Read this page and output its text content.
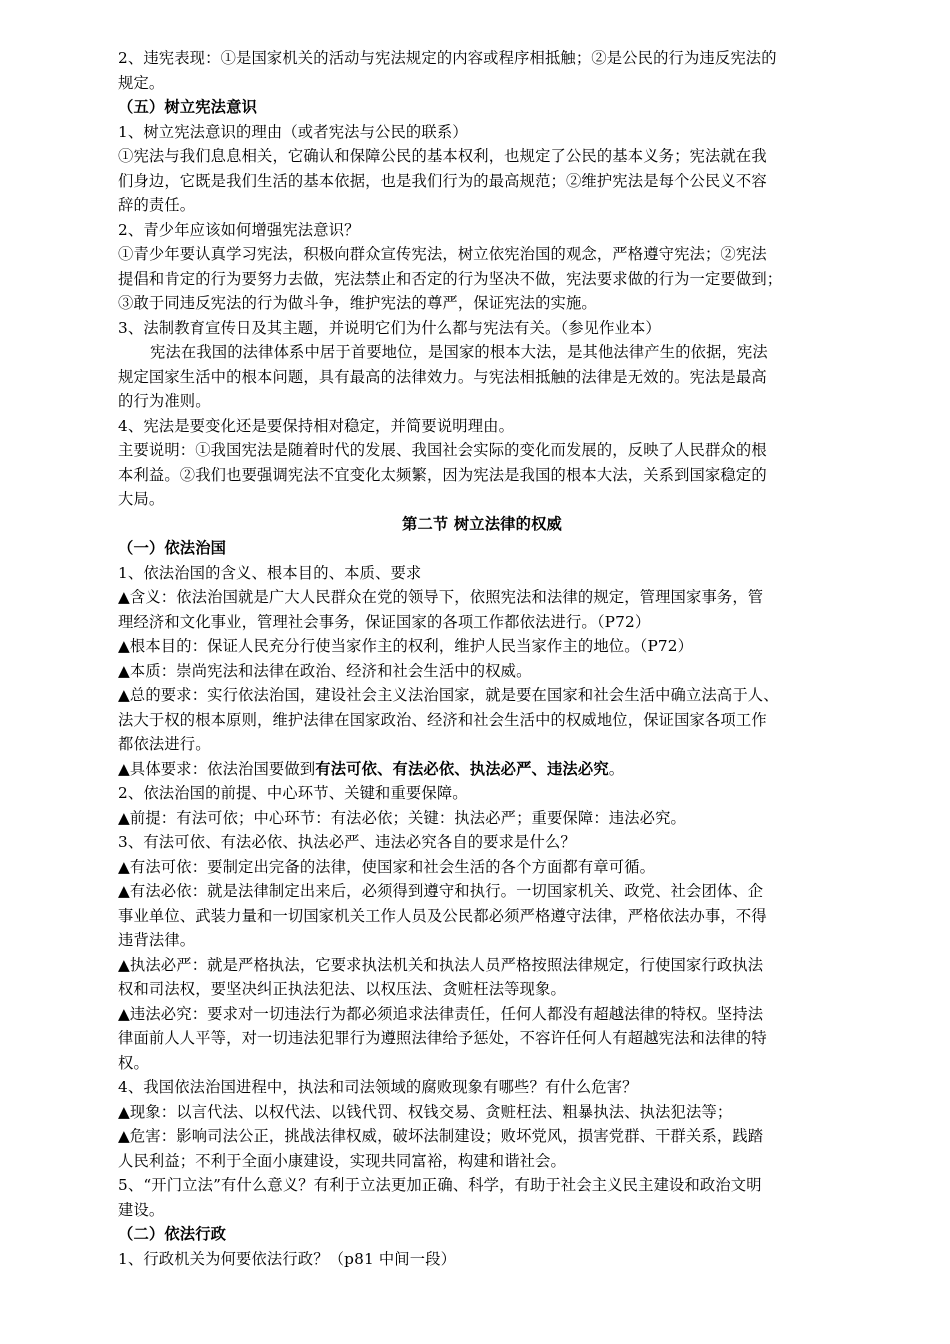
2、违宪表现：①是国家机关的活动与宪法规定的内容或程序相抵触；②是公民的行为违反宪法的
规定。
（五）树立宪法意识
1、树立宪法意识的理由（或者宪法与公民的联系）
①宪法与我们息息相关，它确认和保障公民的基本权利，也规定了公民的基本义务；宪法就在我
们身边，它既是我们生活的基本依据，也是我们行为的最高规范；②维护宪法是每个公民义不容
辞的责任。
2、青少年应该如何增强宪法意识？
①青少年要认真学习宪法，积极向群众宣传宪法，树立依宪治国的观念，严格遵守宪法；②宪法
提倡和肯定的行为要努力去做，宪法禁止和否定的行为坚决不做，宪法要求做的行为一定要做到；
③敢于同违反宪法的行为做斗争，维护宪法的尊严，保证宪法的实施。
3、法制教育宣传日及其主题，并说明它们为什么都与宪法有关。（参见作业本）
宪法在我国的法律体系中居于首要地位，是国家的根本大法，是其他法律产生的依据，宪法
规定国家生活中的根本问题，具有最高的法律效力。与宪法相抵触的法律是无效的。宪法是最高
的行为准则。
4、宪法是要变化还是要保持相对稳定，并简要说明理由。
主要说明：①我国宪法是随着时代的发展、我国社会实际的变化而发展的，反映了人民群众的根
本利益。②我们也要强调宪法不宜变化太频繁，因为宪法是我国的根本大法，关系到国家稳定的
大局。
第二节 树立法律的权威
（一）依法治国
1、依法治国的含义、根本目的、本质、要求
▲含义：依法治国就是广大人民群众在党的领导下，依照宪法和法律的规定，管理国家事务，管
理经济和文化事业，管理社会事务，保证国家的各项工作都依法进行。（P72）
▲根本目的：保证人民充分行使当家作主的权利，维护人民当家作主的地位。（P72）
▲本质：崇尚宪法和法律在政治、经济和社会生活中的权威。
▲总的要求：实行依法治国，建设社会主义法治国家，就是要在国家和社会生活中确立法高于人、
法大于权的根本原则，维护法律在国家政治、经济和社会生活中的权威地位，保证国家各项工作
都依法进行。
▲具体要求：依法治国要做到有法可依、有法必依、执法必严、违法必究。
2、依法治国的前提、中心环节、关键和重要保障。
▲前提：有法可依；中心环节：有法必依；关键：执法必严；重要保障：违法必究。
3、有法可依、有法必依、执法必严、违法必究各自的要求是什么？
▲有法可依：要制定出完备的法律，使国家和社会生活的各个方面都有章可循。
▲有法必依：就是法律制定出来后，必须得到遵守和执行。一切国家机关、政党、社会团体、企
事业单位、武装力量和一切国家机关工作人员及公民都必须严格遵守法律，严格依法办事，不得
违背法律。
▲执法必严：就是严格执法，它要求执法机关和执法人员严格按照法律规定，行使国家行政执法
权和司法权，要坚决纠正执法犯法、以权压法、贪赃枉法等现象。
▲违法必究：要求对一切违法行为都必须追求法律责任，任何人都没有超越法律的特权。坚持法
律面前人人平等，对一切违法犯罪行为遵照法律给予惩处，不容许任何人有超越宪法和法律的特
权。
4、我国依法治国进程中，执法和司法领域的腐败现象有哪些？有什么危害？
▲现象：以言代法、以权代法、以钱代罚、权钱交易、贪赃枉法、粗暴执法、执法犯法等；
▲危害：影响司法公正，挑战法律权威，破坏法制建设；败坏党风，损害党群、干群关系，践踏
人民利益；不利于全面小康建设，实现共同富裕，构建和谐社会。
5、“开门立法”有什么意义？有利于立法更加正确、科学，有助于社会主义民主建设和政治文明
建设。
（二）依法行政
1、行政机关为何要依法行政？（p81 中间一段）
